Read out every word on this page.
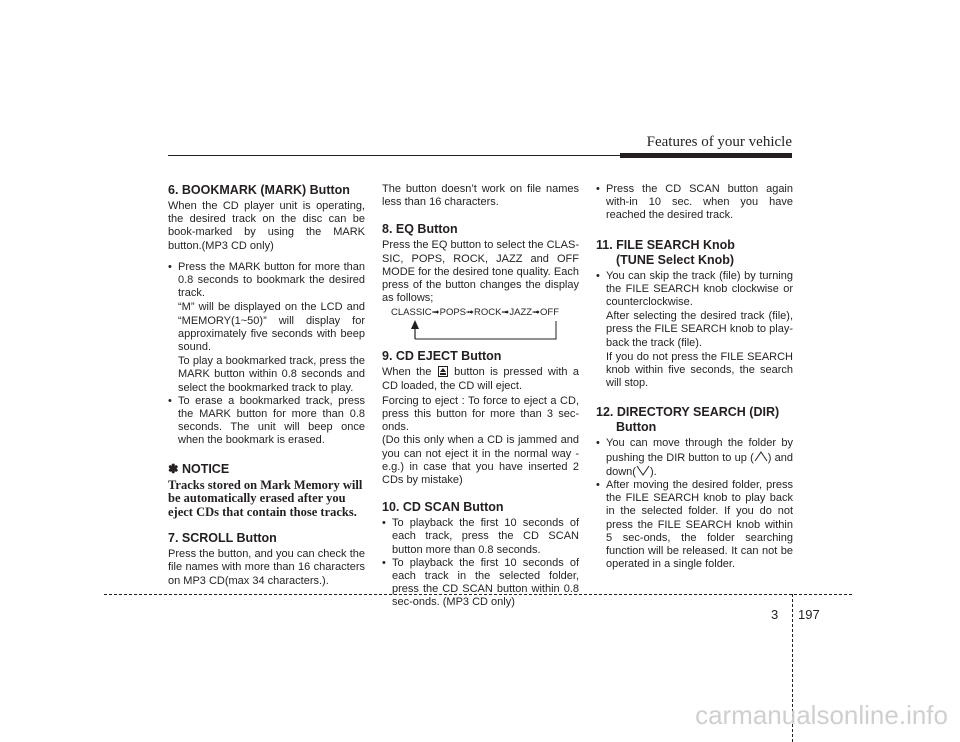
Features of your vehicle
6. BOOKMARK (MARK) Button

When the CD player unit is operating, the desired track on the disc can be book-marked by using the MARK button.(MP3 CD only)

• Press the MARK button for more than 0.8 seconds to bookmark the desired track.
“M” will be displayed on the LCD and “MEMORY(1~50)” will display for approximately five seconds with beep sound.
To play a bookmarked track, press the MARK button within 0.8 seconds and select the bookmarked track to play.
• To erase a bookmarked track, press the MARK button for more than 0.8 seconds. The unit will beep once when the bookmark is erased.
✽ NOTICE
Tracks stored on Mark Memory will be automatically erased after you eject CDs that contain those tracks.
7. SCROLL Button

Press the button, and you can check the file names with more than 16 characters on MP3 CD(max 34 characters.).

The button doesn’t work on file names less than 16 characters.

8. EQ Button

Press the EQ button to select the CLAS-SIC, POPS, ROCK, JAZZ and OFF MODE for the desired tone quality. Each press of the button changes the display as follows;

CLASSIC➟POPS➟ROCK➟JAZZ➟OFF
9. CD EJECT Button

When the button is pressed with a CD loaded, the CD will eject.

Forcing to eject : To force to eject a CD, press this button for more than 3 sec-onds.

(Do this only when a CD is jammed and you can not eject it in the normal way - e.g.) in case that you have inserted 2 CDs by mistake)

10. CD SCAN Button
• To playback the first 10 seconds of each track, press the CD SCAN button more than 0.8 seconds.
• To playback the first 10 seconds of each track in the selected folder, press the CD SCAN button within 0.8 sec-onds. (MP3 CD only)
• Press the CD SCAN button again with-in 10 sec. when you have reached the desired track.
11. FILE SEARCH Knob
(TUNE Select Knob)
• You can skip the track (file) by turning the FILE SEARCH knob clockwise or counterclockwise.
After selecting the desired track (file), press the FILE SEARCH knob to play-back the track (file).
If you do not press the FILE SEARCH knob within five seconds, the search will stop.
12. DIRECTORY SEARCH (DIR)
Button
• You can move through the folder by pushing the DIR button to up ( ) and down( ).
• After moving the desired folder, press the FILE SEARCH knob to play back in the selected folder. If you do not press the FILE SEARCH knob within 5 sec-onds, the folder searching function will be released. It can not be operated in a single folder.
3 197
carmanualsonline.info
